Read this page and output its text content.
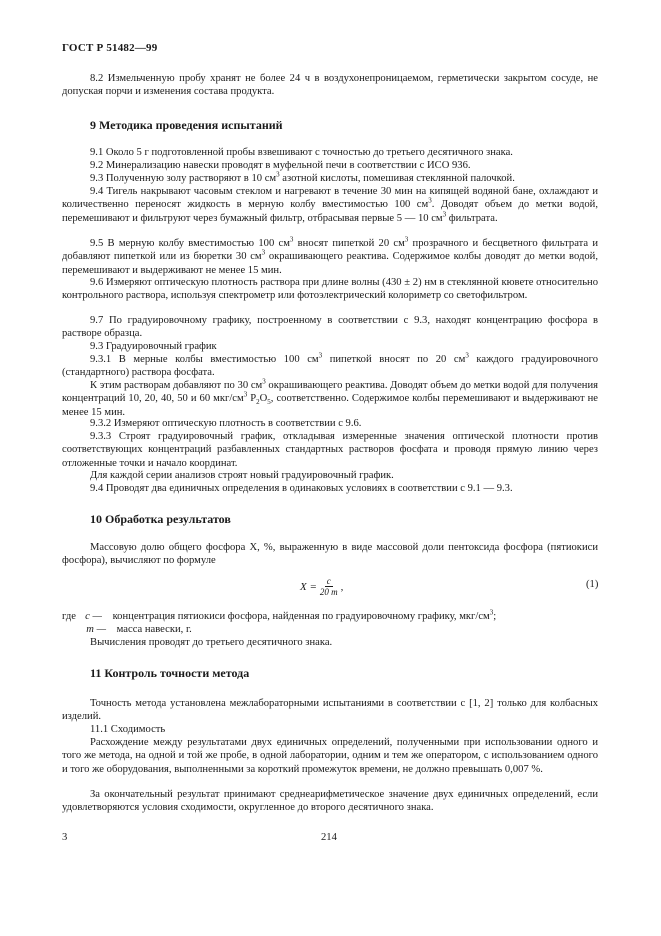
ГОСТ Р 51482—99

8.2 Измельченную пробу хранят не более 24 ч в воздухонепроницаемом, герметически закрытом сосуде, не допуская порчи и изменения состава продукта.

9 Методика проведения испытаний

9.1 Около 5 г подготовленной пробы взвешивают с точностью до третьего десятичного знака.

9.2 Минерализацию навески проводят в муфельной печи в соответствии с ИСО 936.

9.3 Полученную золу растворяют в 10 $см^3$ азотной кислоты, помешивая стеклянной палочкой.

9.4 Тигель накрывают часовым стеклом и нагревают в течение 30 мин на кипящей водяной бане, охлаждают и количественно переносят жидкость в мерную колбу вместимостью 100 $см^3$. Доводят объем до метки водой, перемешивают и фильтруют через бумажный фильтр, отбрасывая первые 5 — 10 $см^3$ фильтрата.

9.5 В мерную колбу вместимостью 100 $см^3$ вносят пипеткой 20 $см^3$ прозрачного и бесцветного фильтрата и добавляют пипеткой или из бюретки 30 $см^3$ окрашивающего реактива. Содержимое колбы доводят до метки водой, перемешивают и выдерживают не менее 15 мин.

9.6 Измеряют оптическую плотность раствора при длине волны (430 ± 2) нм в стеклянной кювете относительно контрольного раствора, используя спектрометр или фотоэлектрический колориметр со светофильтром.

9.7 По градуировочному графику, построенному в соответствии с 9.3, находят концентрацию фосфора в растворе образца.

9.3 Градуировочный график

9.3.1 В мерные колбы вместимостью 100 $см^3$ пипеткой вносят по 20 $см^3$ каждого градуировочного (стандартного) раствора фосфата.

К этим растворам добавляют по 30 $см^3$ окрашивающего реактива. Доводят объем до метки водой для получения концентраций 10, 20, 40, 50 и 60 мкг/$см^3$ $P_2O_5$, соответственно. Содержимое колбы перемешивают и выдерживают не менее 15 мин.

9.3.2 Измеряют оптическую плотность в соответствии с 9.6.

9.3.3 Строят градуировочный график, откладывая измеренные значения оптической плотности против соответствующих концентраций разбавленных стандартных растворов фосфата и проводя прямую линию через отложенные точки и начало координат.

Для каждой серии анализов строят новый градуировочный график.

9.4 Проводят два единичных определения в одинаковых условиях в соответствии с 9.1 — 9.3.

10 Обработка результатов

Массовую долю общего фосфора X, %, выраженную в виде массовой доли пентоксида фосфора (пятиокиси фосфора), вычисляют по формуле

$X = \frac{c}{20 m}$ ,	(1)
где c — концентрация пятиокиси фосфора, найденная по градуировочному графику, мкг/$см^3$;
m — масса навески, г.

Вычисления проводят до третьего десятичного знака.

11 Контроль точности метода

Точность метода установлена межлабораторными испытаниями в соответствии с [1, 2] только для колбасных изделий.

11.1 Сходимость

Расхождение между результатами двух единичных определений, полученными при использовании одного и того же метода, на одной и той же пробе, в одной лаборатории, одним и тем же оператором, с использованием одного и того же оборудования, выполненными за короткий промежуток времени, не должно превышать 0,007 %.

За окончательный результат принимают среднеарифметическое значение двух единичных определений, если удовлетворяются условия сходимости, округленное до второго десятичного знака.

3	214
